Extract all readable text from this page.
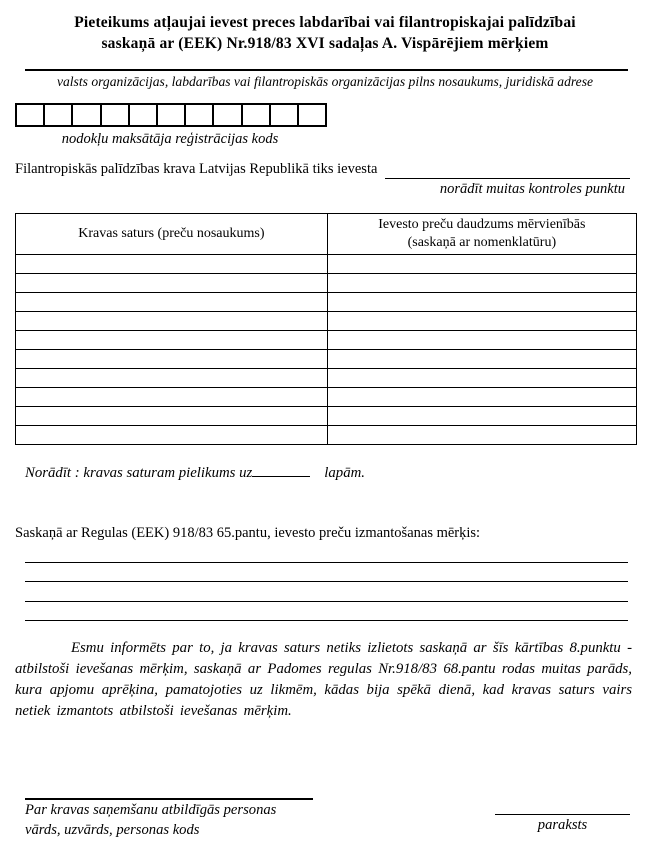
Pieteikums atļaujai ievest preces labdarībai vai filantropiskajai palīdzībai
saskaņā ar (EEK) Nr.918/83 XVI sadaļas A. Vispārējiem mērķiem
valsts organizācijas, labdarības vai filantropiskās organizācijas pilns nosaukums, juridiskā adrese
nodokļu maksātāja reģistrācijas kods
Filantropiskās palīdzības krava Latvijas Republikā tiks ievesta
norādīt muitas kontroles punktu
Kravas saturs (preču nosaukums)	Ievesto preču daudzums mērvienībās
(saskaņā ar nomenklatūru)

Norādīt : kravas saturam pielikums uz	lapām.
Saskaņā ar Regulas (EEK) 918/83 65.pantu, ievesto preču izmantošanas mērķis:

Esmu informēts par to, ja kravas saturs netiks izlietots saskaņā ar šīs kārtības 8.punktu - atbilstoši ievešanas mērķim, saskaņā ar Padomes regulas Nr.918/83 68.pantu rodas muitas parāds, kura apjomu aprēķina, pamatojoties uz likmēm, kādas bija spēkā dienā, kad kravas saturs vairs netiek izmantots atbilstoši ievešanas mērķim.

Par kravas saņemšanu atbildīgās personas
vārds, uzvārds, personas kods	paraksts
